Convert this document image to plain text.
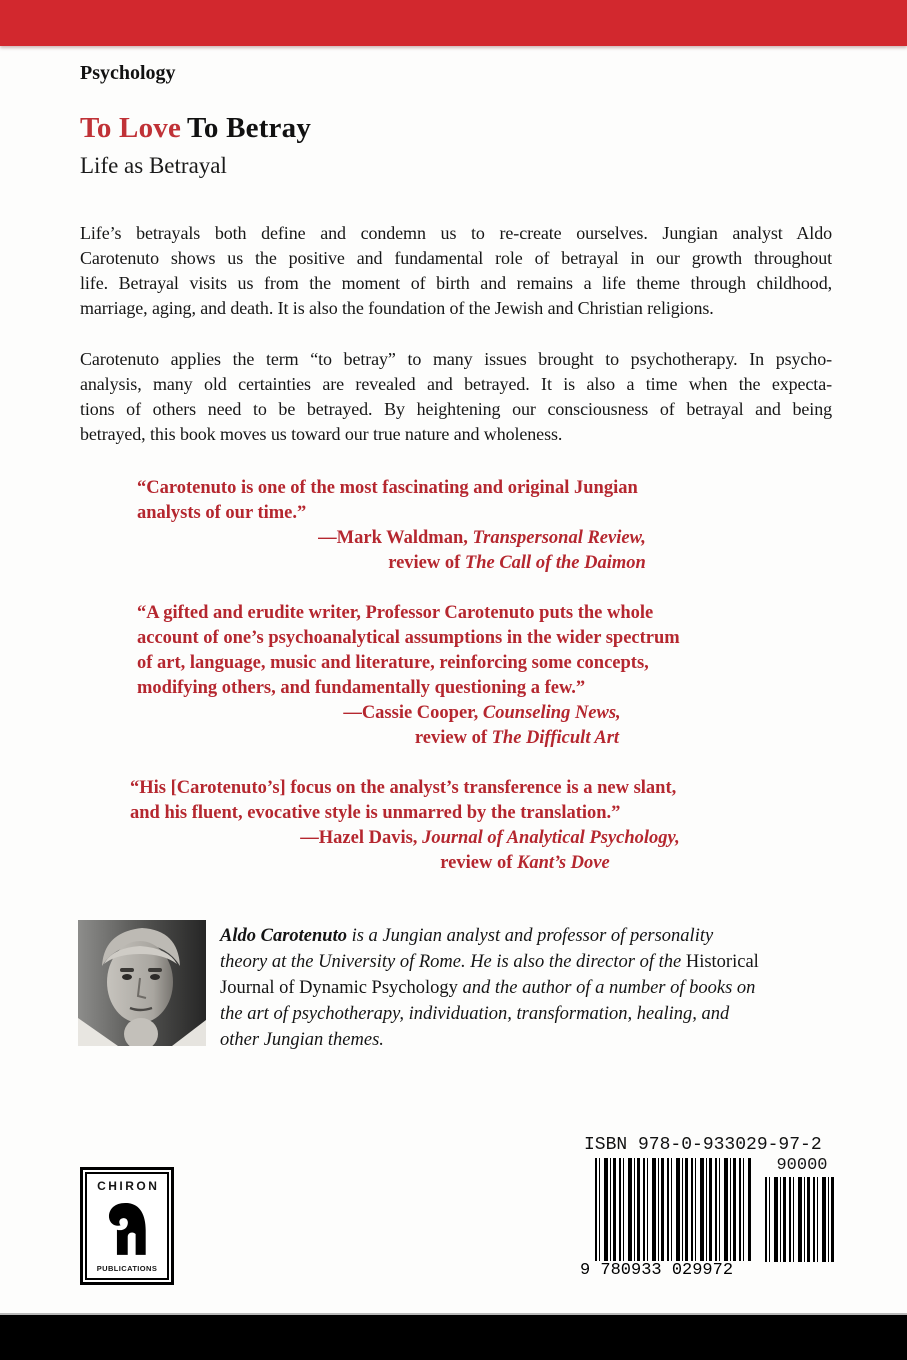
Psychology
To Love To Betray
Life as Betrayal
Life’s betrayals both define and condemn us to re-create ourselves. Jungian analyst Aldo
Carotenuto shows us the positive and fundamental role of betrayal in our growth throughout
life. Betrayal visits us from the moment of birth and remains a life theme through childhood,
marriage, aging, and death. It is also the foundation of the Jewish and Christian religions.
Carotenuto applies the term “to betray” to many issues brought to psychotherapy. In psycho-
analysis, many old certainties are revealed and betrayed. It is also a time when the expecta-
tions of others need to be betrayed. By heightening our consciousness of betrayal and being
betrayed, this book moves us toward our true nature and wholeness.
“Carotenuto is one of the most fascinating and original Jungian
analysts of our time.”
—Mark Waldman, Transpersonal Review,
review of The Call of the Daimon
“A gifted and erudite writer, Professor Carotenuto puts the whole
account of one’s psychoanalytical assumptions in the wider spectrum
of art, language, music and literature, reinforcing some concepts,
modifying others, and fundamentally questioning a few.”
—Cassie Cooper, Counseling News,
review of The Difficult Art
“His [Carotenuto’s] focus on the analyst’s transference is a new slant,
and his fluent, evocative style is unmarred by the translation.”
—Hazel Davis, Journal of Analytical Psychology,
review of Kant’s Dove
Aldo Carotenuto is a Jungian analyst and professor of personality
theory at the University of Rome. He is also the director of the Historical
Journal of Dynamic Psychology and the author of a number of books on
the art of psychotherapy, individuation, transformation, healing, and
other Jungian themes.
ISBN 978-0-933029-97-2
9 780933 029972
90000
CHIRON
PUBLICATIONS
